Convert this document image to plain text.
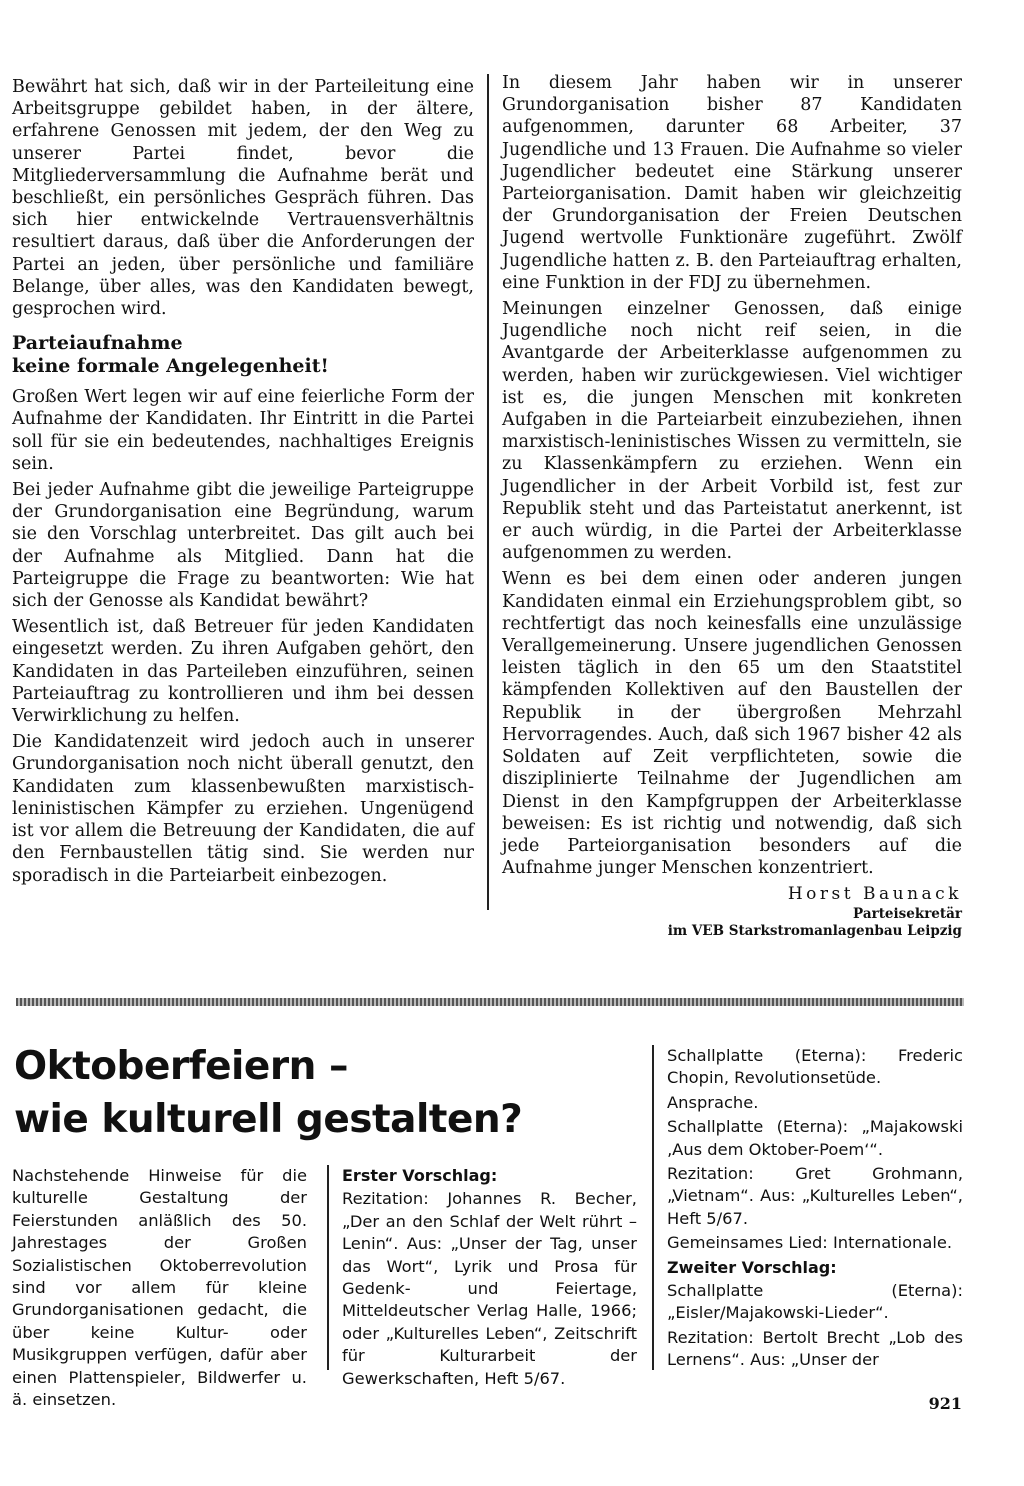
Bewährt hat sich, daß wir in der Parteileitung eine Arbeitsgruppe gebildet haben, in der ältere, erfahrene Genossen mit jedem, der den Weg zu unserer Partei findet, bevor die Mitgliederversammlung die Aufnahme berät und beschließt, ein persönliches Gespräch führen. Das sich hier entwickelnde Vertrauensverhältnis resultiert daraus, daß über die Anforderungen der Partei an jeden, über persönliche und familiäre Belange, über alles, was den Kandidaten bewegt, gesprochen wird.

Parteiaufnahme
keine formale Angelegenheit!

Großen Wert legen wir auf eine feierliche Form der Aufnahme der Kandidaten. Ihr Eintritt in die Partei soll für sie ein bedeutendes, nachhaltiges Ereignis sein.

Bei jeder Aufnahme gibt die jeweilige Parteigruppe der Grundorganisation eine Begründung, warum sie den Vorschlag unterbreitet. Das gilt auch bei der Aufnahme als Mitglied. Dann hat die Parteigruppe die Frage zu beantworten: Wie hat sich der Genosse als Kandidat bewährt?

Wesentlich ist, daß Betreuer für jeden Kandidaten eingesetzt werden. Zu ihren Aufgaben gehört, den Kandidaten in das Parteileben einzuführen, seinen Parteiauftrag zu kontrollieren und ihm bei dessen Verwirklichung zu helfen.

Die Kandidatenzeit wird jedoch auch in unserer Grundorganisation noch nicht überall genutzt, den Kandidaten zum klassenbewußten marxistisch-leninistischen Kämpfer zu erziehen. Ungenügend ist vor allem die Betreuung der Kandidaten, die auf den Fernbaustellen tätig sind. Sie werden nur sporadisch in die Parteiarbeit einbezogen.

In diesem Jahr haben wir in unserer Grundorganisation bisher 87 Kandidaten aufgenommen, darunter 68 Arbeiter, 37 Jugendliche und 13 Frauen. Die Aufnahme so vieler Jugendlicher bedeutet eine Stärkung unserer Parteiorganisation. Damit haben wir gleichzeitig der Grundorganisation der Freien Deutschen Jugend wertvolle Funktionäre zugeführt. Zwölf Jugendliche hatten z. B. den Parteiauftrag erhalten, eine Funktion in der FDJ zu übernehmen.

Meinungen einzelner Genossen, daß einige Jugendliche noch nicht reif seien, in die Avantgarde der Arbeiterklasse aufgenommen zu werden, haben wir zurückgewiesen. Viel wichtiger ist es, die jungen Menschen mit konkreten Aufgaben in die Parteiarbeit einzubeziehen, ihnen marxistisch-leninistisches Wissen zu vermitteln, sie zu Klassenkämpfern zu erziehen. Wenn ein Jugendlicher in der Arbeit Vorbild ist, fest zur Republik steht und das Parteistatut anerkennt, ist er auch würdig, in die Partei der Arbeiterklasse aufgenommen zu werden.

Wenn es bei dem einen oder anderen jungen Kandidaten einmal ein Erziehungsproblem gibt, so rechtfertigt das noch keinesfalls eine unzulässige Verallgemeinerung. Unsere jugendlichen Genossen leisten täglich in den 65 um den Staatstitel kämpfenden Kollektiven auf den Baustellen der Republik in der übergroßen Mehrzahl Hervorragendes. Auch, daß sich 1967 bisher 42 als Soldaten auf Zeit verpflichteten, sowie die disziplinierte Teilnahme der Jugendlichen am Dienst in den Kampfgruppen der Arbeiterklasse beweisen: Es ist richtig und notwendig, daß sich jede Parteiorganisation besonders auf die Aufnahme junger Menschen konzentriert.

Horst Baunack
Parteisekretär
im VEB Starkstromanlagenbau Leipzig
Oktoberfeiern –
wie kulturell gestalten?

Nachstehende Hinweise für die kulturelle Gestaltung der Feierstunden anläßlich des 50. Jahrestages der Großen Sozialistischen Oktoberrevolution sind vor allem für kleine Grundorganisationen gedacht, die über keine Kultur- oder Musikgruppen verfügen, dafür aber einen Plattenspieler, Bildwerfer u. ä. einsetzen.

Erster Vorschlag:

Rezitation: Johannes R. Becher, „Der an den Schlaf der Welt rührt – Lenin“. Aus: „Unser der Tag, unser das Wort“, Lyrik und Prosa für Gedenk- und Feiertage, Mitteldeutscher Verlag Halle, 1966; oder „Kulturelles Leben“, Zeitschrift für Kulturarbeit der Gewerkschaften, Heft 5/67.

Schallplatte (Eterna): Frederic Chopin, Revolutionsetüde.

Ansprache.

Schallplatte (Eterna): „Majakowski ‚Aus dem Oktober-Poem‘“.

Rezitation: Gret Grohmann, „Vietnam“. Aus: „Kulturelles Leben“, Heft 5/67.

Gemeinsames Lied: Internationale.

Zweiter Vorschlag:

Schallplatte (Eterna): „Eisler/Majakowski-Lieder“.

Rezitation: Bertolt Brecht „Lob des Lernens“. Aus: „Unser der

921
